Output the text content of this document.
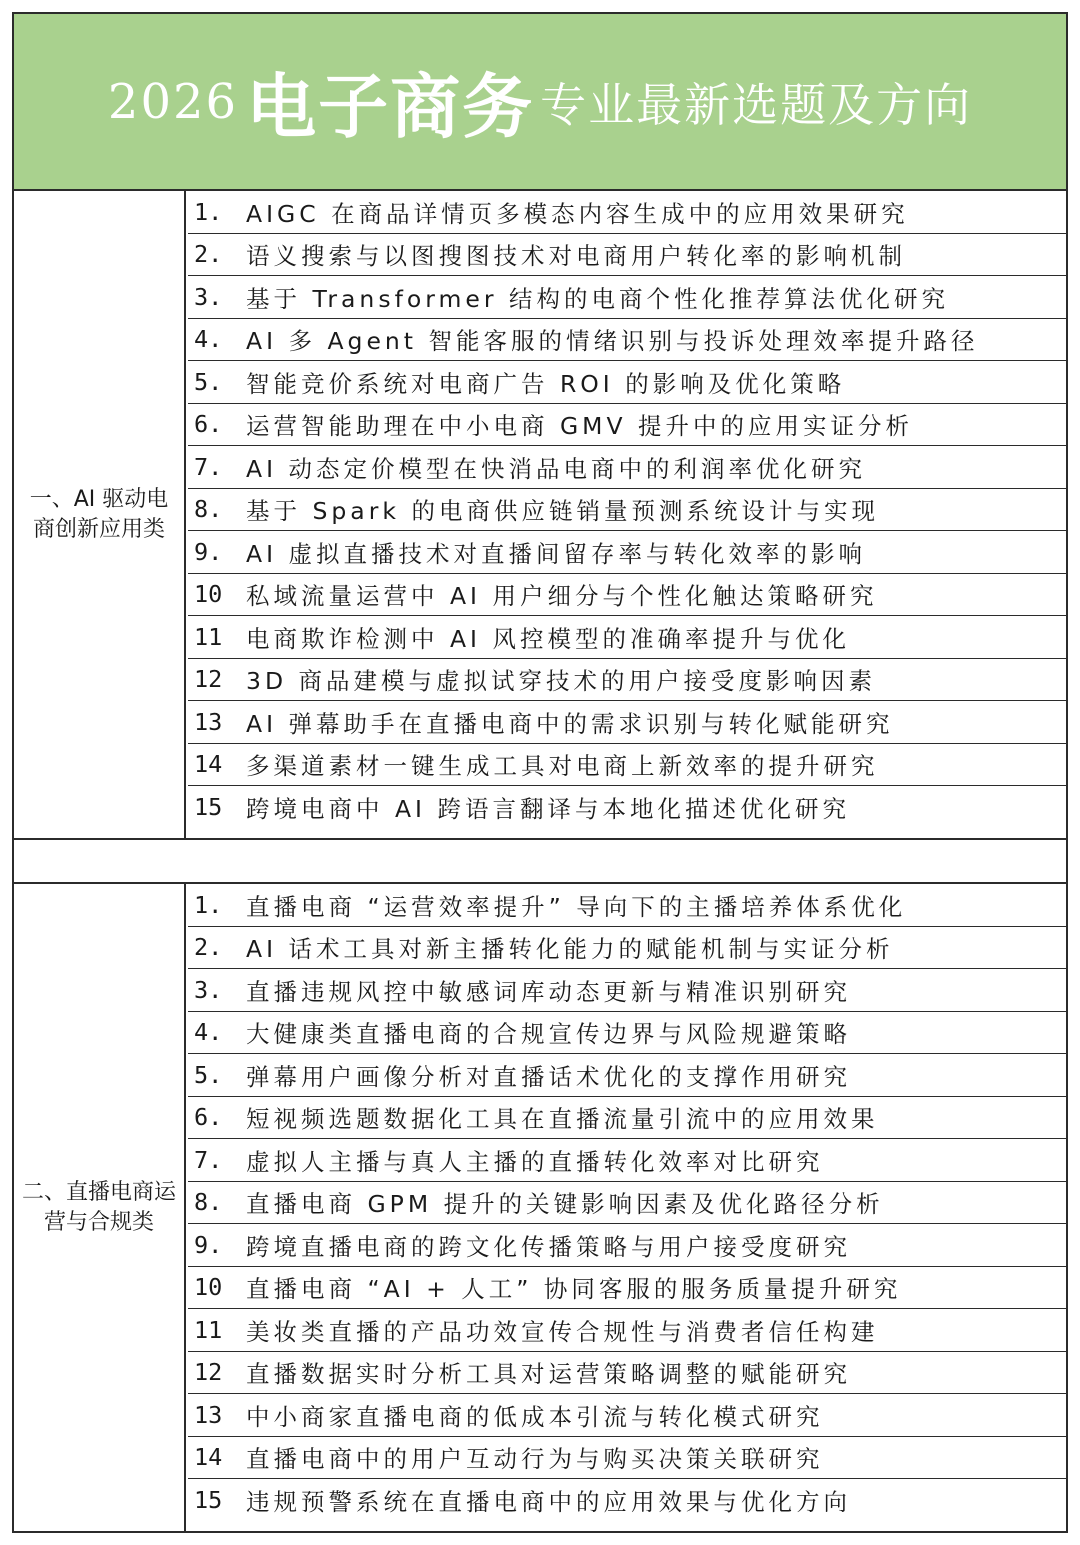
2026 电子商务 专业最新选题及方向
一、AI 驱动电商创新应用类
1.	AIGC 在商品详情页多模态内容生成中的应用效果研究
2.	语义搜索与以图搜图技术对电商用户转化率的影响机制
3.	基于 Transformer 结构的电商个性化推荐算法优化研究
4.	AI 多 Agent 智能客服的情绪识别与投诉处理效率提升路径
5.	智能竞价系统对电商广告 ROI 的影响及优化策略
6.	运营智能助理在中小电商 GMV 提升中的应用实证分析
7.	AI 动态定价模型在快消品电商中的利润率优化研究
8.	基于 Spark 的电商供应链销量预测系统设计与实现
9.	AI 虚拟直播技术对直播间留存率与转化效率的影响
10	私域流量运营中 AI 用户细分与个性化触达策略研究
11	电商欺诈检测中 AI 风控模型的准确率提升与优化
12	3D 商品建模与虚拟试穿技术的用户接受度影响因素
13	AI 弹幕助手在直播电商中的需求识别与转化赋能研究
14	多渠道素材一键生成工具对电商上新效率的提升研究
15	跨境电商中 AI 跨语言翻译与本地化描述优化研究
二、直播电商运营与合规类
1.	直播电商 “运营效率提升” 导向下的主播培养体系优化
2.	AI 话术工具对新主播转化能力的赋能机制与实证分析
3.	直播违规风控中敏感词库动态更新与精准识别研究
4.	大健康类直播电商的合规宣传边界与风险规避策略
5.	弹幕用户画像分析对直播话术优化的支撑作用研究
6.	短视频选题数据化工具在直播流量引流中的应用效果
7.	虚拟人主播与真人主播的直播转化效率对比研究
8.	直播电商 GPM 提升的关键影响因素及优化路径分析
9.	跨境直播电商的跨文化传播策略与用户接受度研究
10	直播电商 “AI + 人工” 协同客服的服务质量提升研究
11	美妆类直播的产品功效宣传合规性与消费者信任构建
12	直播数据实时分析工具对运营策略调整的赋能研究
13	中小商家直播电商的低成本引流与转化模式研究
14	直播电商中的用户互动行为与购买决策关联研究
15	违规预警系统在直播电商中的应用效果与优化方向
